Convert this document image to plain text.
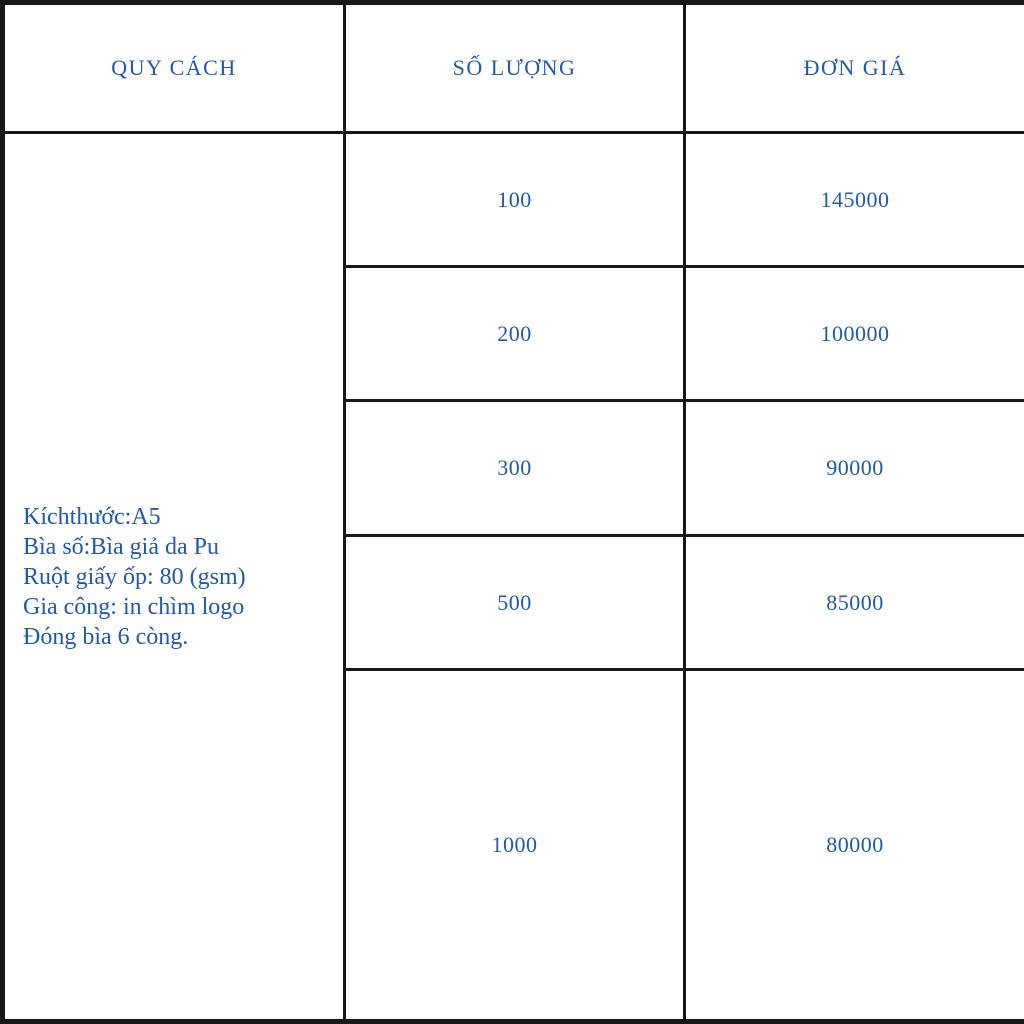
QUY CÁCH	SỐ LƯỢNG	ĐƠN GIÁ

Kíchthước:A5
Bìa số:Bìa giả da Pu
Ruột giấy ốp: 80 (gsm)
Gia công: in chìm logo
Đóng bìa 6 còng.	100	145000
	200	100000
	300	90000
	500	85000
	1000	80000
